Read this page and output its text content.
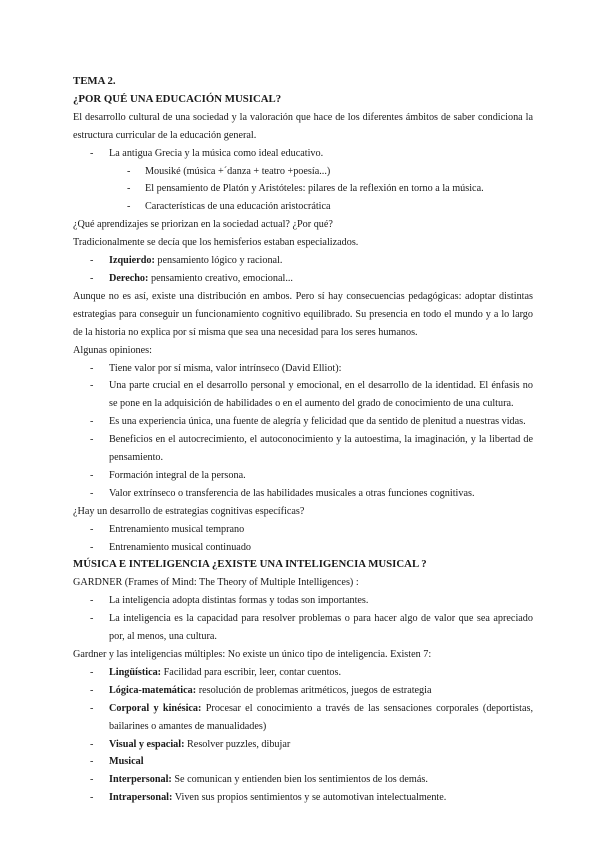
TEMA 2.

¿POR QUÉ UNA EDUCACIÓN MUSICAL?

El desarrollo cultural de una sociedad y la valoración que hace de los diferentes ámbitos de saber condiciona la estructura curricular de la educación general.

-	La antigua Grecia y la música como ideal educativo.
-	Mousiké (música +´danza + teatro +poesía...)
-	El pensamiento de Platón y Aristóteles: pilares de la reflexión en torno a la música.
-	Características de una educación aristocrática

¿Qué aprendizajes se priorizan en la sociedad actual? ¿Por qué?

Tradicionalmente se decía que los hemisferios estaban especializados.

-	Izquierdo: pensamiento lógico y racional.
-	Derecho: pensamiento creativo, emocional...

Aunque no es así, existe una distribución en ambos. Pero sí hay consecuencias pedagógicas: adoptar distintas estrategias para conseguir un funcionamiento cognitivo equilibrado. Su presencia en todo el mundo y a lo largo de la historia no explica por sí misma que sea una necesidad para los seres humanos.

Algunas opiniones:

-	Tiene valor por sí misma, valor intrínseco (David Elliot):
-	Una parte crucial en el desarrollo personal y emocional, en el desarrollo de la identidad. El énfasis no se pone en la adquisición de habilidades o en el aumento del grado de conocimiento de una cultura.
-	Es una experiencia única, una fuente de alegría y felicidad que da sentido de plenitud a nuestras vidas.
-	Beneficios en el autocrecimiento, el autoconocimiento y la autoestima, la imaginación, y la libertad de pensamiento.
-	Formación integral de la persona.
-	Valor extrínseco o transferencia de las habilidades musicales a otras funciones cognitivas.

¿Hay un desarrollo de estrategias cognitivas específicas?

-	Entrenamiento musical temprano
-	Entrenamiento musical continuado

MÚSICA E INTELIGENCIA ¿EXISTE UNA INTELIGENCIA MUSICAL ?

GARDNER (Frames of Mind: The Theory of Multiple Intelligences) :

-	La inteligencia adopta distintas formas y todas son importantes.
-	La inteligencia es la capacidad para resolver problemas o para hacer algo de valor que sea apreciado por, al menos, una cultura.

Gardner y las inteligencias múltiples: No existe un único tipo de inteligencia. Existen 7:

-	Lingüística: Facilidad para escribir, leer, contar cuentos.
-	Lógica-matemática: resolución de problemas aritméticos, juegos de estrategia
-	Corporal y kinésica: Procesar el conocimiento a través de las sensaciones corporales (deportistas, bailarines o amantes de manualidades)
-	Visual y espacial: Resolver puzzles, dibujar
-	Musical
-	Interpersonal: Se comunican y entienden bien los sentimientos de los demás.
-	Intrapersonal: Viven sus propios sentimientos y se automotivan intelectualmente.
